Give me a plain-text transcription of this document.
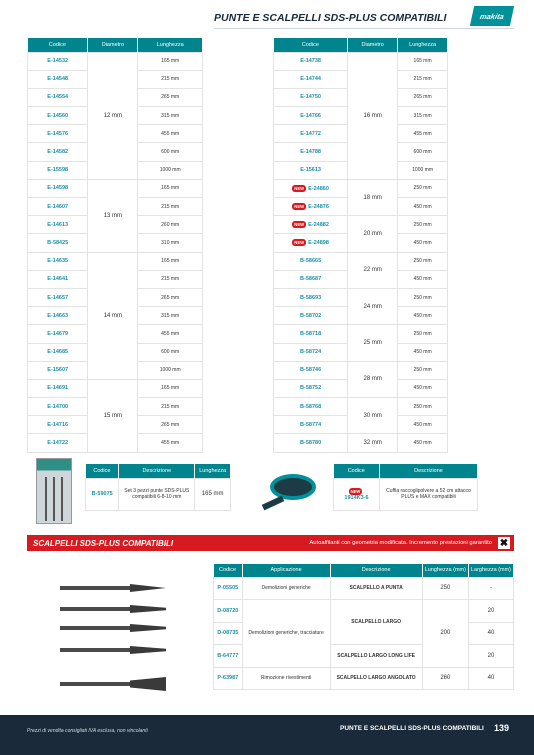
PUNTE E SCALPELLI SDS-PLUS COMPATIBILI	makita
Codice	Diametro	Lunghezza
E-14532	12 mm	165 mm
E-14548		215 mm
E-14554		265 mm
E-14560		315 mm
E-14576		455 mm
E-14582		600 mm
E-15598		1000 mm
E-14598	13 mm	165 mm
E-14607		215 mm
E-14613		260 mm
B-58425		310 mm
E-14635	14 mm	165 mm
E-14641		215 mm
E-14657		265 mm
E-14663		315 mm
E-14679		455 mm
E-14685		600 mm
E-15607		1000 mm
E-14691	15 mm	165 mm
E-14700		215 mm
E-14716		265 mm
E-14722		455 mm
Codice	Diametro	Lunghezza
E-14738	16 mm	165 mm
E-14744		215 mm
E-14750		265 mm
E-14766		315 mm
E-14772		455 mm
E-14788		600 mm
E-15613		1000 mm
NEW E-24860	18 mm	250 mm
NEW E-24876		450 mm
NEW E-24882	20 mm	250 mm
NEW E-24898		450 mm
B-58665	22 mm	250 mm
B-58687		450 mm
B-58693	24 mm	250 mm
B-58702		450 mm
B-58718	25 mm	250 mm
B-58724		450 mm
B-58746	28 mm	250 mm
B-58752		450 mm
B-58768	30 mm	250 mm
B-58774		450 mm
B-58780	32 mm	450 mm
Codice	Descrizione	Lunghezza
B-59075	Set 3 pezzi punte SDS-PLUS compatibili 6-8-10 mm	165 mm
Codice	Descrizione
NEW
1914K3-6	Cuffia raccoglipolvere a 52 cm attacco PLUS e MAX compatibili
SCALPELLI SDS-PLUS COMPATIBILI	Autoaffilanti con geometria modificata. Incremento prestazioni garantito ✖
Codice	Applicazione	Descrizione	Lunghezza (mm)	Larghezza (mm)
P-05505	Demolizioni generiche	SCALPELLO A PUNTA	250	-
D-08720	Demolizioni generiche, tracciature	SCALPELLO LARGO	200	20
D-08735				40
B-64777		SCALPELLO LARGO LONG LIFE		20
P-63987	Rimozione rivestimenti	SCALPELLO LARGO ANGOLATO	260	40
Prezzi di vendita consigliati IVA esclusa, non vincolanti	PUNTE E SCALPELLI SDS-PLUS COMPATIBILI 139
